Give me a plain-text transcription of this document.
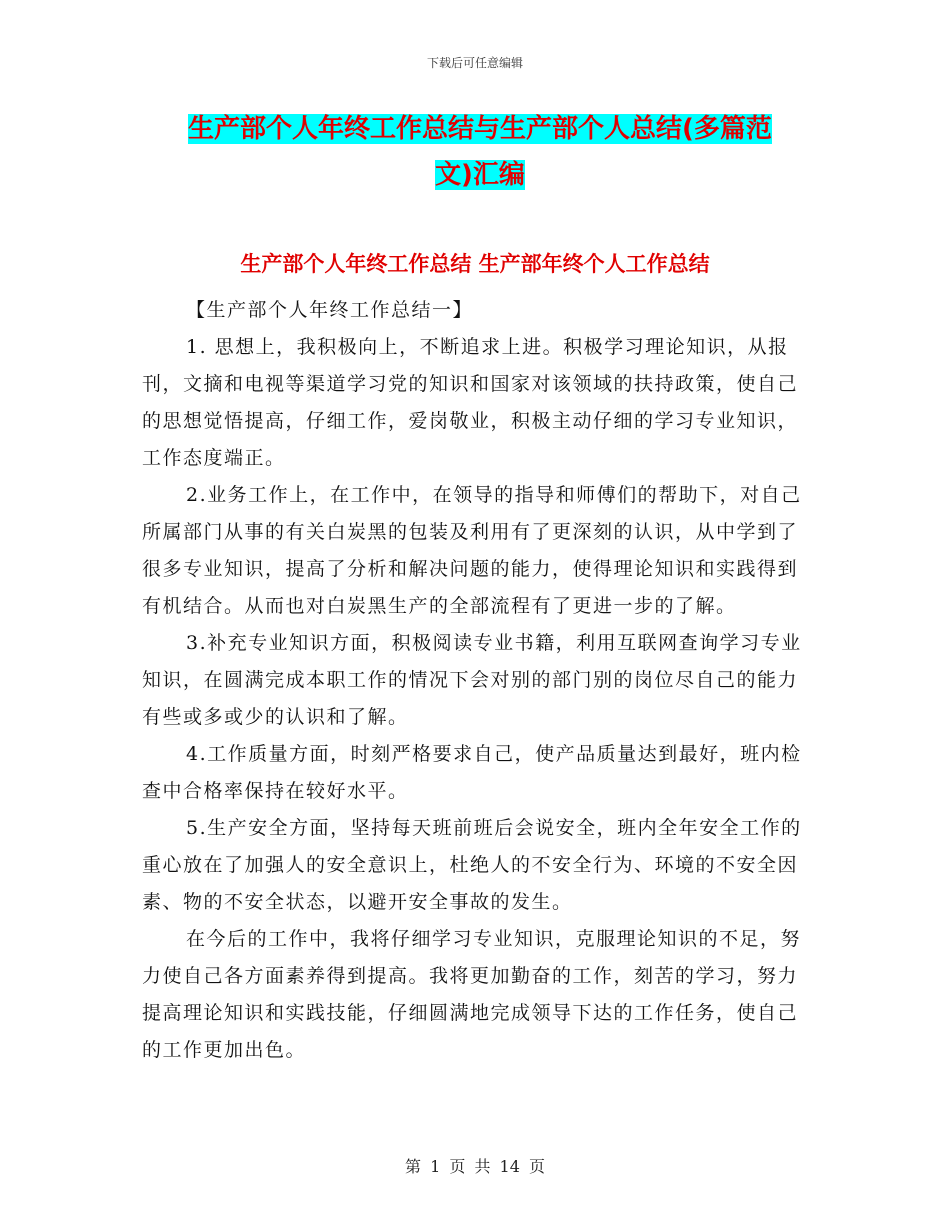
下载后可任意编辑
生产部个人年终工作总结与生产部个人总结(多篇范
文)汇编
生产部个人年终工作总结 生产部年终个人工作总结

【生产部个人年终工作总结一】

1. 思想上，我积极向上，不断追求上进。积极学习理论知识，从报刊，文摘和电视等渠道学习党的知识和国家对该领域的扶持政策，使自己的思想觉悟提高，仔细工作，爱岗敬业，积极主动仔细的学习专业知识，工作态度端正。

2.业务工作上，在工作中，在领导的指导和师傅们的帮助下，对自己所属部门从事的有关白炭黑的包装及利用有了更深刻的认识，从中学到了很多专业知识，提高了分析和解决问题的能力，使得理论知识和实践得到有机结合。从而也对白炭黑生产的全部流程有了更进一步的了解。

3.补充专业知识方面，积极阅读专业书籍，利用互联网查询学习专业知识，在圆满完成本职工作的情况下会对别的部门别的岗位尽自己的能力有些或多或少的认识和了解。

4.工作质量方面，时刻严格要求自己，使产品质量达到最好，班内检查中合格率保持在较好水平。

5.生产安全方面，坚持每天班前班后会说安全，班内全年安全工作的重心放在了加强人的安全意识上，杜绝人的不安全行为、环境的不安全因素、物的不安全状态，以避开安全事故的发生。

在今后的工作中，我将仔细学习专业知识，克服理论知识的不足，努力使自己各方面素养得到提高。我将更加勤奋的工作，刻苦的学习，努力提高理论知识和实践技能，仔细圆满地完成领导下达的工作任务，使自己的工作更加出色。

第 1 页 共 14 页
